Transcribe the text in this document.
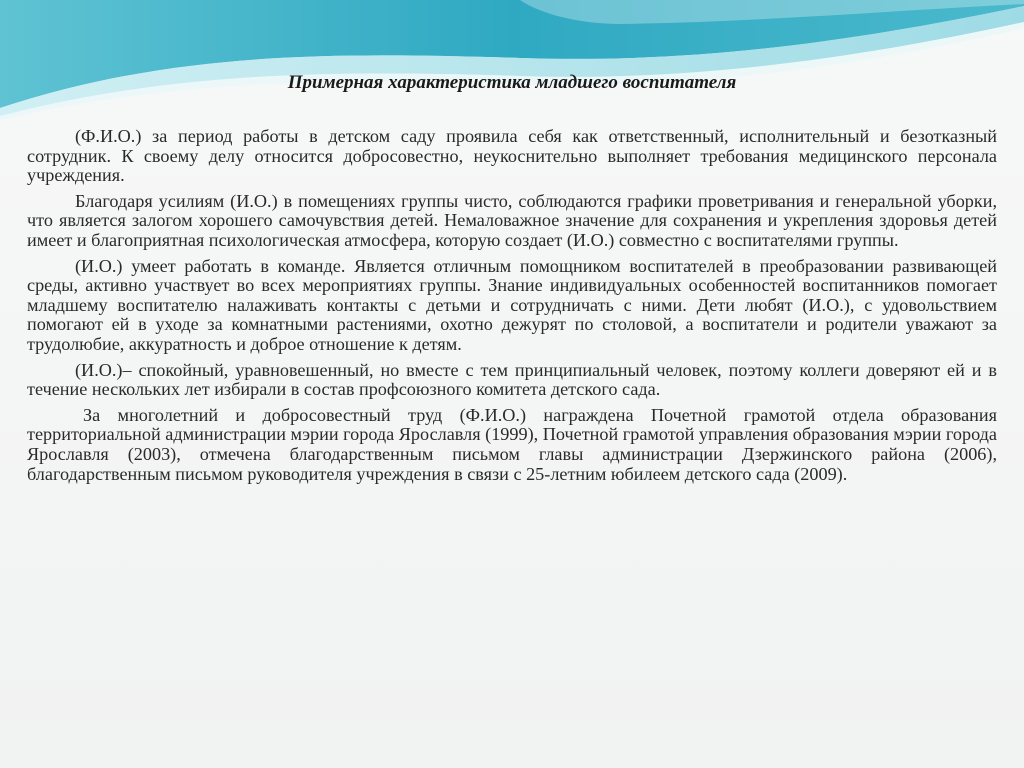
Примерная характеристика младшего воспитателя

(Ф.И.О.) за период работы в детском саду проявила себя как ответственный, исполнительный и безотказный сотрудник. К своему делу относится добросовестно, неукоснительно выполняет требования медицинского персонала учреждения.

Благодаря усилиям (И.О.) в помещениях группы чисто, соблюдаются графики проветривания и генеральной уборки, что является залогом хорошего самочувствия детей. Немаловажное значение для сохранения и укрепления здоровья детей имеет и благоприятная психологическая атмосфера, которую создает (И.О.) совместно с воспитателями группы.

(И.О.) умеет работать в команде. Является отличным помощником воспитателей в преобразовании развивающей среды, активно участвует во всех мероприятиях группы. Знание индивидуальных особенностей воспитанников помогает младшему воспитателю налаживать контакты с детьми и сотрудничать с ними. Дети любят (И.О.), с удовольствием помогают ей в уходе за комнатными растениями, охотно дежурят по столовой, а воспитатели и родители уважают за трудолюбие, аккуратность и доброе отношение к детям.

(И.О.)– спокойный, уравновешенный, но вместе с тем принципиальный человек, поэтому коллеги доверяют ей и в течение нескольких лет избирали в состав профсоюзного комитета детского сада.

За многолетний и добросовестный труд (Ф.И.О.) награждена Почетной грамотой отдела образования территориальной администрации мэрии города Ярославля (1999), Почетной грамотой управления образования мэрии города Ярославля (2003), отмечена благодарственным письмом главы администрации Дзержинского района (2006), благодарственным письмом руководителя учреждения в связи с 25-летним юбилеем детского сада (2009).
